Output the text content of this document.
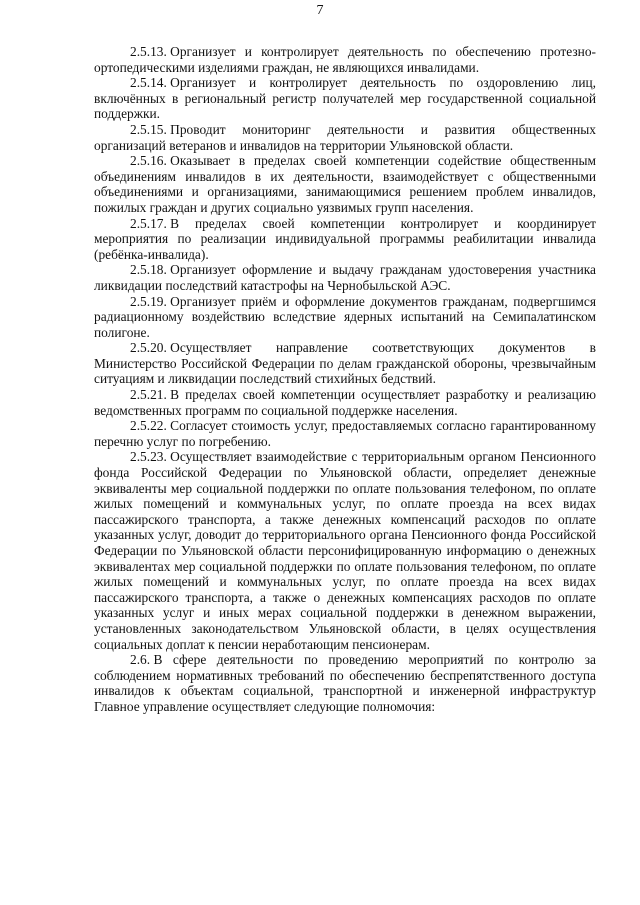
7

2.5.13. Организует и контролирует деятельность по обеспечению протезно-ортопедическими изделиями граждан, не являющихся инвалидами.

2.5.14. Организует и контролирует деятельность по оздоровлению лиц, включённых в региональный регистр получателей мер государственной социальной поддержки.

2.5.15. Проводит мониторинг деятельности и развития общественных организаций ветеранов и инвалидов на территории Ульяновской области.

2.5.16. Оказывает в пределах своей компетенции содействие общественным объединениям инвалидов в их деятельности, взаимодействует с общественными объединениями и организациями, занимающимися решением проблем инвалидов, пожилых граждан и других социально уязвимых групп населения.

2.5.17. В пределах своей компетенции контролирует и координирует мероприятия по реализации индивидуальной программы реабилитации инвалида (ребёнка-инвалида).

2.5.18. Организует оформление и выдачу гражданам удостоверения участника ликвидации последствий катастрофы на Чернобыльской АЭС.

2.5.19. Организует приём и оформление документов гражданам, подвергшимся радиационному воздействию вследствие ядерных испытаний на Семипалатинском полигоне.

2.5.20. Осуществляет направление соответствующих документов в Министерство Российской Федерации по делам гражданской обороны, чрезвычайным ситуациям и ликвидации последствий стихийных бедствий.

2.5.21. В пределах своей компетенции осуществляет разработку и реализацию ведомственных программ по социальной поддержке населения.

2.5.22. Согласует стоимость услуг, предоставляемых согласно гарантированному перечню услуг по погребению.

2.5.23. Осуществляет взаимодействие с территориальным органом Пенсионного фонда Российской Федерации по Ульяновской области, определяет денежные эквиваленты мер социальной поддержки по оплате пользования телефоном, по оплате жилых помещений и коммунальных услуг, по оплате проезда на всех видах пассажирского транспорта, а также денежных компенсаций расходов по оплате указанных услуг, доводит до территориального органа Пенсионного фонда Российской Федерации по Ульяновской области персонифицированную информацию о денежных эквивалентах мер социальной поддержки по оплате пользования телефоном, по оплате жилых помещений и коммунальных услуг, по оплате проезда на всех видах пассажирского транспорта, а также о денежных компенсациях расходов по оплате указанных услуг и иных мерах социальной поддержки в денежном выражении, установленных законодательством Ульяновской области, в целях осуществления социальных доплат к пенсии неработающим пенсионерам.

2.6. В сфере деятельности по проведению мероприятий по контролю за соблюдением нормативных требований по обеспечению беспрепятственного доступа инвалидов к объектам социальной, транспортной и инженерной инфраструктур Главное управление осуществляет следующие полномочия:
